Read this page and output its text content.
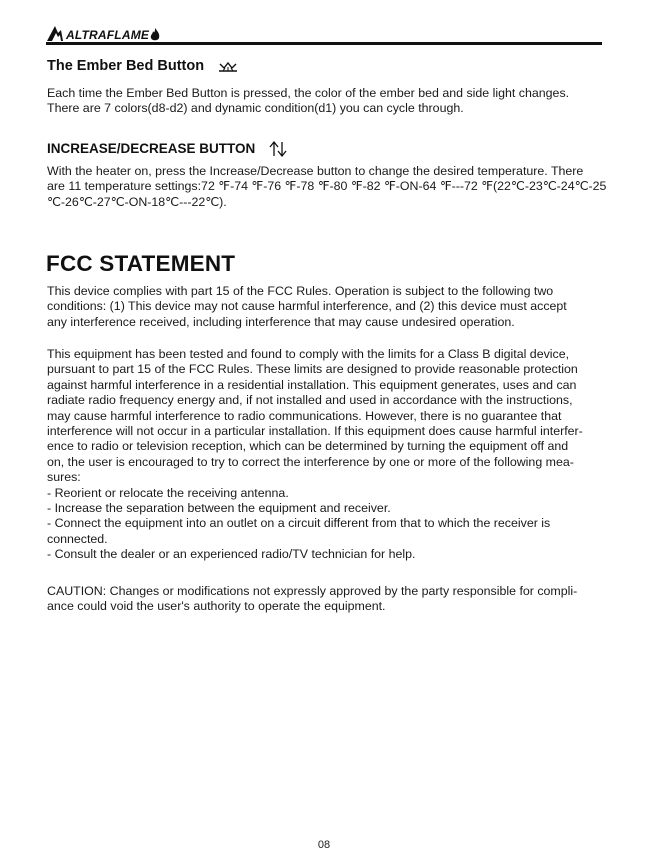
ALTRAFLAME
The Ember Bed Button

Each time the Ember Bed Button is pressed, the color of the ember bed and side light changes.
There are 7 colors(d8-d2) and dynamic condition(d1) you can cycle through.

INCREASE/DECREASE BUTTON

With the heater on, press the Increase/Decrease button to change the desired temperature. There
are 11 temperature settings:72 ℉-74 ℉-76 ℉-78 ℉-80 ℉-82 ℉-ON-64 ℉---72 ℉(22℃-23℃-24℃-25
℃-26℃-27℃-ON-18℃---22℃).

FCC STATEMENT

This device complies with part 15 of the FCC Rules. Operation is subject to the following two
conditions: (1) This device may not cause harmful interference, and (2) this device must accept
any interference received, including interference that may cause undesired operation.

This equipment has been tested and found to comply with the limits for a Class B digital device,
pursuant to part 15 of the FCC Rules. These limits are designed to provide reasonable protection
against harmful interference in a residential installation. This equipment generates, uses and can
radiate radio frequency energy and, if not installed and used in accordance with the instructions,
may cause harmful interference to radio communications. However, there is no guarantee that
interference will not occur in a particular installation. If this equipment does cause harmful interfer-
ence to radio or television reception, which can be determined by turning the equipment off and
on, the user is encouraged to try to correct the interference by one or more of the following mea-
sures:
- Reorient or relocate the receiving antenna.
- Increase the separation between the equipment and receiver.
- Connect the equipment into an outlet on a circuit different from that to which the receiver is
connected.
- Consult the dealer or an experienced radio/TV technician for help.

CAUTION: Changes or modifications not expressly approved by the party responsible for compli-
ance could void the user's authority to operate the equipment.

08
